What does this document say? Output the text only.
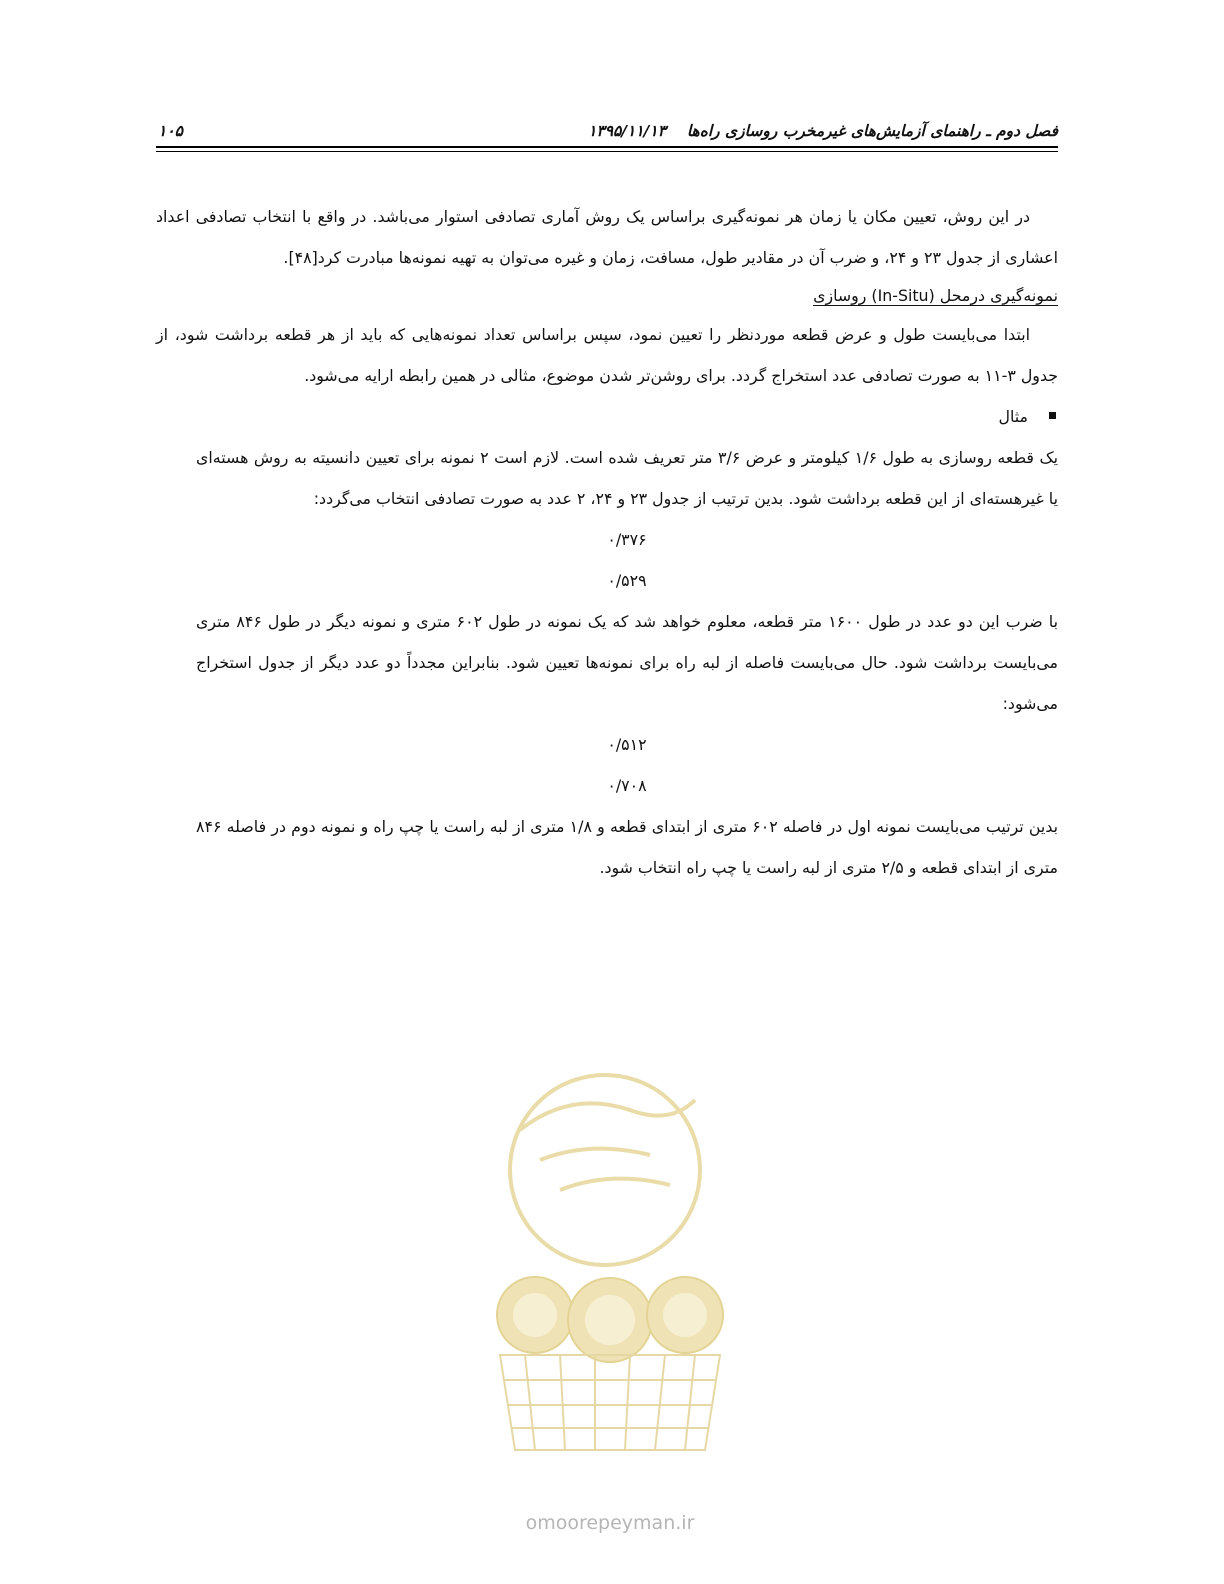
فصل دوم ـ راهنمای آزمایش‌های غیرمخرب روسازی راه‌ها
۱۳۹۵/۱۱/۱۳
۱۰۵

در این روش، تعیین مکان یا زمان هر نمونه‌گیری براساس یک روش آماری تصادفی استوار می‌باشد. در واقع با انتخاب تصادفی اعداد اعشاری از جدول ۲۳ و ۲۴، و ضرب آن در مقادیر طول، مسافت، زمان و غیره می‌توان به تهیه نمونه‌ها مبادرت کرد[۴۸].

نمونه‌گیری درمحل (In-Situ) روسازی

ابتدا می‌بایست طول و عرض قطعه موردنظر را تعیین نمود، سپس براساس تعداد نمونه‌هایی که باید از هر قطعه برداشت شود، از جدول ۳-۱۱ به صورت تصادفی عدد استخراج گردد. برای روشن‌تر شدن موضوع، مثالی در همین رابطه ارایه می‌شود.

مثال

یک قطعه روسازی به طول ۱/۶ کیلومتر و عرض ۳/۶ متر تعریف شده است. لازم است ۲ نمونه برای تعیین دانسیته به روش هسته‌ای یا غیرهسته‌ای از این قطعه برداشت شود. بدین ترتیب از جدول ۲۳ و ۲۴، ۲ عدد به صورت تصادفی انتخاب می‌گردد:

۰/۳۷۶

۰/۵۲۹

با ضرب این دو عدد در طول ۱۶۰۰ متر قطعه، معلوم خواهد شد که یک نمونه در طول ۶۰۲ متری و نمونه دیگر در طول ۸۴۶ متری می‌بایست برداشت شود. حال می‌بایست فاصله از لبه راه برای نمونه‌ها تعیین شود. بنابراین مجدداً دو عدد دیگر از جدول استخراج می‌شود:

۰/۵۱۲

۰/۷۰۸

بدین ترتیب می‌بایست نمونه اول در فاصله ۶۰۲ متری از ابتدای قطعه و ۱/۸ متری از لبه راست یا چپ راه و نمونه دوم در فاصله ۸۴۶ متری از ابتدای قطعه و ۲/۵ متری از لبه راست یا چپ راه انتخاب شود.

omoorepeyman.ir
